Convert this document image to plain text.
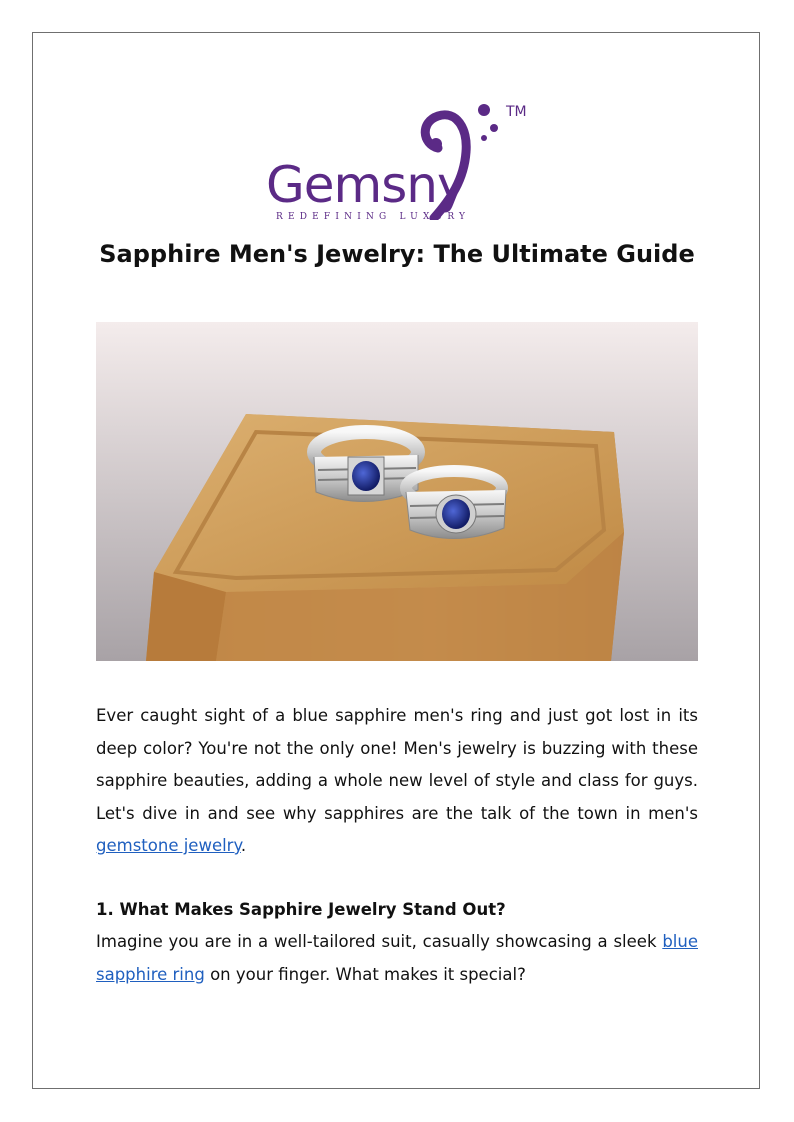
Gemsny
REDEFINING LUXURY
TM
Sapphire Men's Jewelry: The Ultimate Guide

Ever caught sight of a blue sapphire men's ring and just got lost in its deep color? You're not the only one! Men's jewelry is buzzing with these sapphire beauties, adding a whole new level of style and class for guys. Let's dive in and see why sapphires are the talk of the town in men's gemstone jewelry.

1. What Makes Sapphire Jewelry Stand Out?

Imagine you are in a well-tailored suit, casually showcasing a sleek blue sapphire ring on your finger. What makes it special?
